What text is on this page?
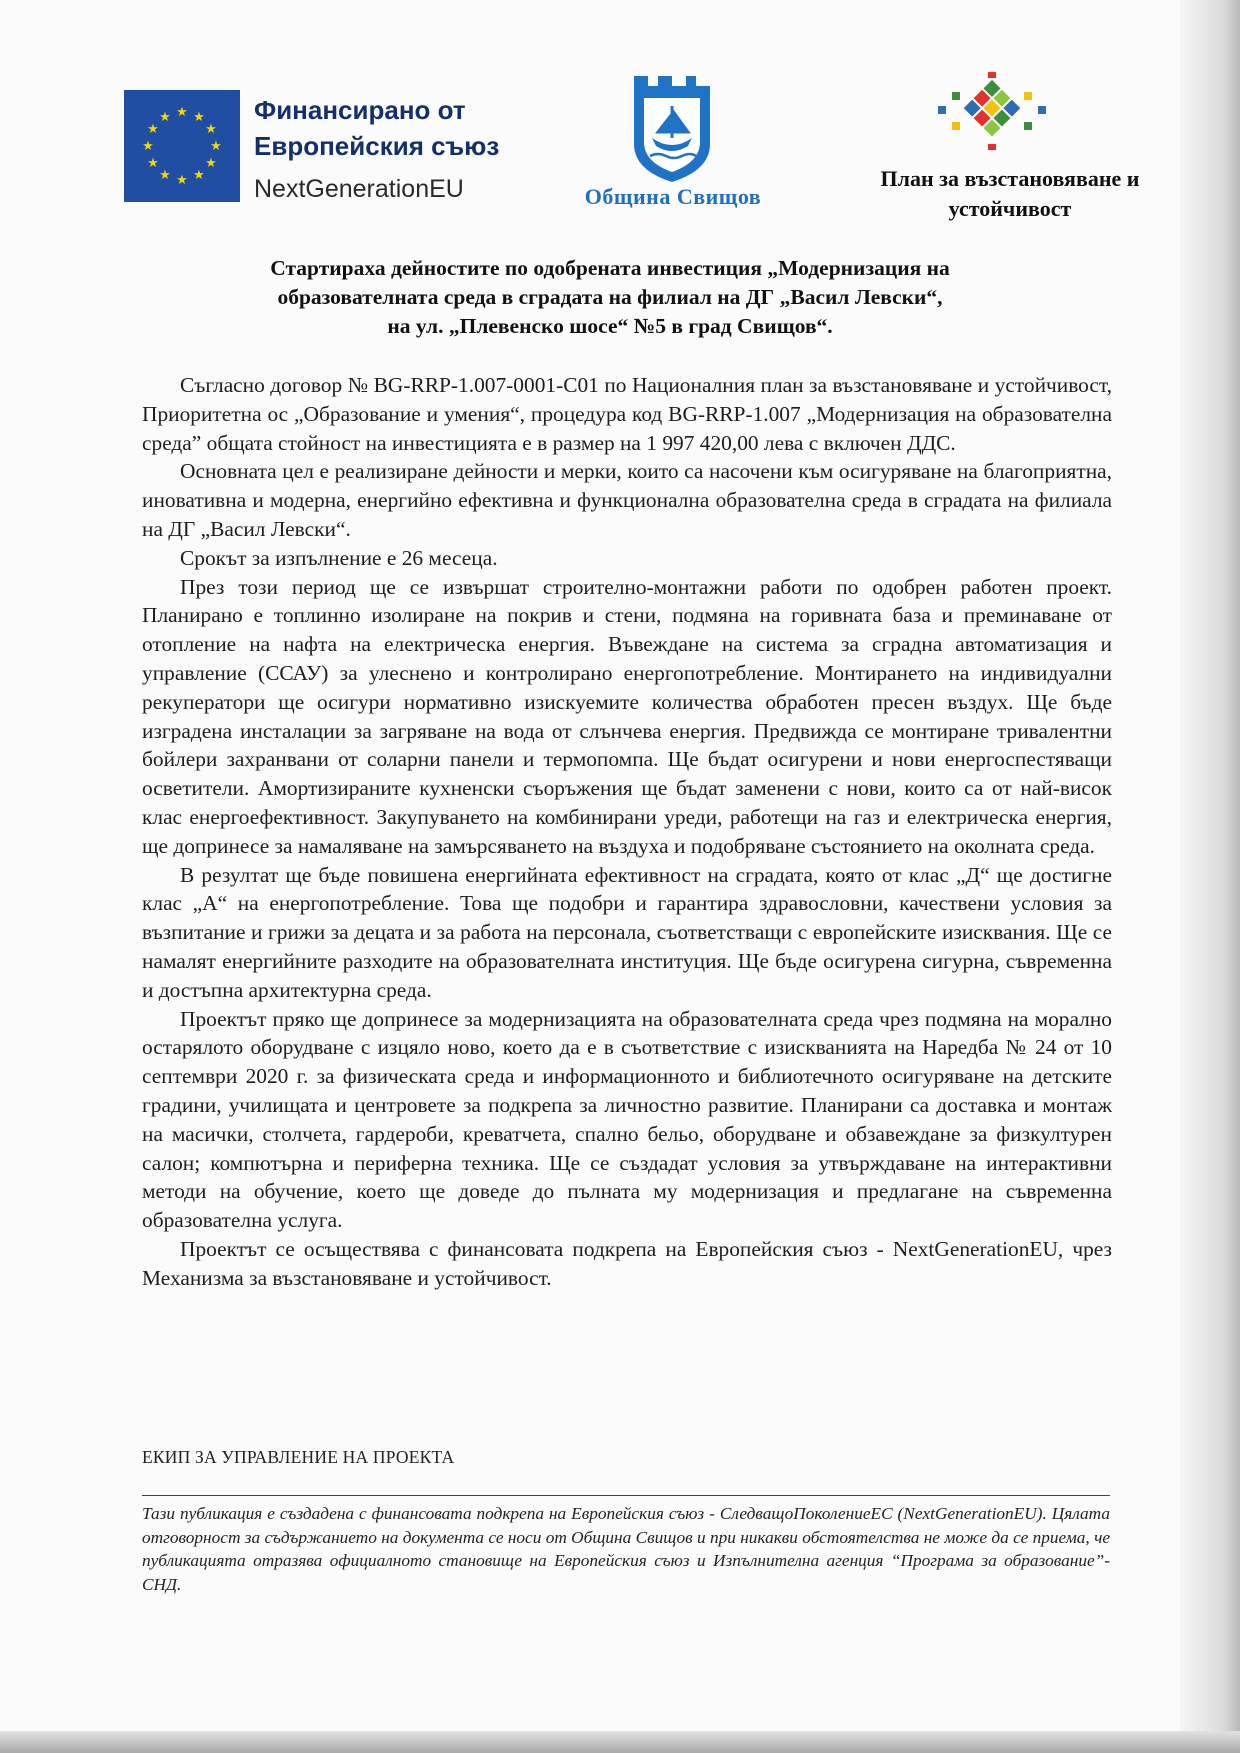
★ ★
★
★
★
★
★
★
★
★
★
★	Финансирано от
Европейския съюз
NextGenerationEU	Община Свищов
План за възстановяване и устойчивост
Стартираха дейностите по одобрената инвестиция „Модернизация на
образователната среда в сградата на филиал на ДГ „Васил Левски“,
на ул. „Плевенско шосе“ №5 в град Свищов“.

Съгласно договор № BG-RRP-1.007-0001-C01 по Националния план за възстановяване и устойчивост, Приоритетна ос „Образование и умения“, процедура код BG-RRP-1.007 „Модернизация на образователна среда” общата стойност на инвестицията е в размер на 1 997 420,00 лева с включен ДДС.

Основната цел е реализиране дейности и мерки, които са насочени към осигуряване на благоприятна, иновативна и модерна, енергийно ефективна и функционална образователна среда в сградата на филиала на ДГ „Васил Левски“.

Срокът за изпълнение е 26 месеца.

През този период ще се извършат строително-монтажни работи по одобрен работен проект. Планирано е топлинно изолиране на покрив и стени, подмяна на горивната база и преминаване от отопление на нафта на електрическа енергия. Въвеждане на система за сградна автоматизация и управление (ССАУ) за улеснено и контролирано енергопотребление. Монтирането на индивидуални рекуператори ще осигури нормативно изискуемите количества обработен пресен въздух. Ще бъде изградена инсталации за загряване на вода от слънчева енергия. Предвижда се монтиране тривалентни бойлери захранвани от соларни панели и термопомпа. Ще бъдат осигурени и нови енергоспестяващи осветители. Амортизираните кухненски съоръжения ще бъдат заменени с нови, които са от най-висок клас енергоефективност. Закупуването на комбинирани уреди, работещи на газ и електрическа енергия, ще допринесе за намаляване на замърсяването на въздуха и подобряване състоянието на околната среда.

В резултат ще бъде повишена енергийната ефективност на сградата, която от клас „Д“ ще достигне клас „А“ на енергопотребление. Това ще подобри и гарантира здравословни, качествени условия за възпитание и грижи за децата и за работа на персонала, съответстващи с европейските изисквания. Ще се намалят енергийните разходите на образователната институция. Ще бъде осигурена сигурна, съвременна и достъпна архитектурна среда.

Проектът пряко ще допринесе за модернизацията на образователната среда чрез подмяна на морално остарялото оборудване с изцяло ново, което да е в съответствие с изискванията на Наредба № 24 от 10 септември 2020 г. за физическата среда и информационното и библиотечното осигуряване на детските градини, училищата и центровете за подкрепа за личностно развитие. Планирани са доставка и монтаж на масички, столчета, гардероби, креватчета, спално бельо, оборудване и обзавеждане за физкултурен салон; компютърна и периферна техника. Ще се създадат условия за утвърждаване на интерактивни методи на обучение, което ще доведе до пълната му модернизация и предлагане на съвременна образователна услуга.

Проектът се осъществява с финансовата подкрепа на Европейския съюз - NextGenerationEU, чрез Механизма за възстановяване и устойчивост.

ЕКИП ЗА УПРАВЛЕНИЕ НА ПРОЕКТА
Тази публикация е създадена с финансовата подкрепа на Европейския съюз - СледващоПоколениеЕС (NextGenerationEU). Цялата отговорност за съдържанието на документа се носи от Община Свищов и при никакви обстоятелства не може да се приема, че публикацията отразява официалното становище на Европейския съюз и Изпълнителна агенция “Програма за образование”-СНД.
